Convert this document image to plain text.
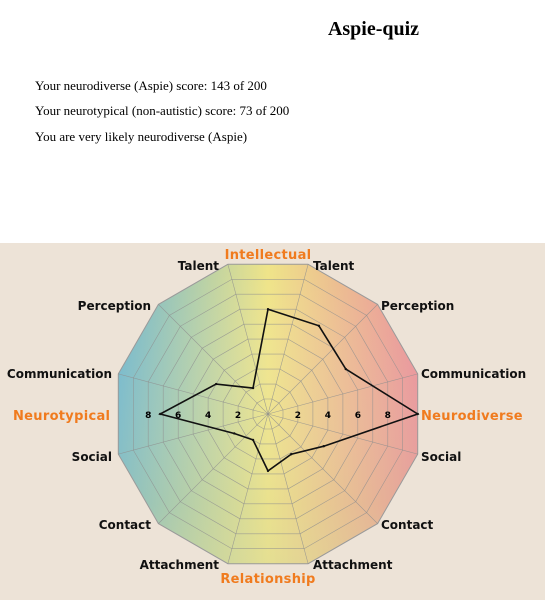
Aspie-quiz
Your neurodiverse (Aspie) score: 143 of 200
Your neurotypical (non-autistic) score: 73 of 200
You are very likely neurodiverse (Aspie)
2
2	4
4	6
6	8
8
Talent
Perception
Communication
Social
Contact
Attachment
Attachment
Contact
Social
Communication
Perception
Talent
Intellectual
Relationship
Neurotypical	Neurodiverse
